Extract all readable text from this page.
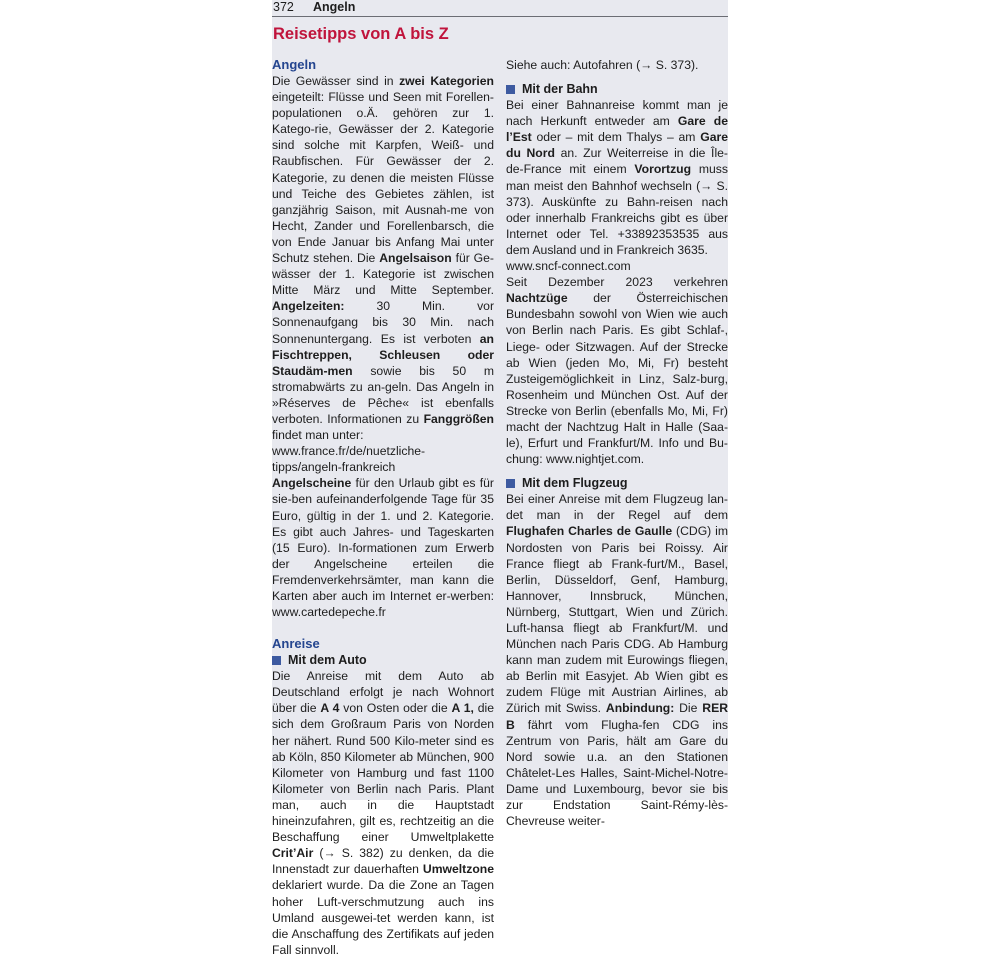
372 Angeln
Reisetipps von A bis Z
Angeln

Die Gewässer sind in zwei Kategorien eingeteilt: Flüsse und Seen mit Forellen-populationen o.Ä. gehören zur 1. Katego-rie, Gewässer der 2. Kategorie sind solche mit Karpfen, Weiß- und Raubfischen. Für Gewässer der 2. Kategorie, zu denen die meisten Flüsse und Teiche des Gebietes zählen, ist ganzjährig Saison, mit Ausnah-me von Hecht, Zander und Forellenbarsch, die von Ende Januar bis Anfang Mai unter Schutz stehen. Die Angelsaison für Ge-wässer der 1. Kategorie ist zwischen Mitte März und Mitte September. Angelzeiten: 30 Min. vor Sonnenaufgang bis 30 Min. nach Sonnenuntergang. Es ist verboten an Fischtreppen, Schleusen oder Staudäm-men sowie bis 50 m stromabwärts zu an-geln. Das Angeln in »Réserves de Pêche« ist ebenfalls verboten. Informationen zu Fanggrößen findet man unter:

www.france.fr/de/nuetzliche-tipps/angeln-frankreich

Angelscheine für den Urlaub gibt es für sie-ben aufeinanderfolgende Tage für 35 Euro, gültig in der 1. und 2. Kategorie. Es gibt auch Jahres- und Tageskarten (15 Euro). In-formationen zum Erwerb der Angelscheine erteilen die Fremdenverkehrsämter, man kann die Karten aber auch im Internet er-werben: www.cartedepeche.fr

Anreise
Mit dem Auto

Die Anreise mit dem Auto ab Deutschland erfolgt je nach Wohnort über die A 4 von Osten oder die A 1, die sich dem Großraum Paris von Norden her nähert. Rund 500 Kilo-meter sind es ab Köln, 850 Kilometer ab München, 900 Kilometer von Hamburg und fast 1100 Kilometer von Berlin nach Paris. Plant man, auch in die Hauptstadt hineinzufahren, gilt es, rechtzeitig an die Beschaffung einer Umweltplakette Crit’Air (→ S. 382) zu denken, da die Innenstadt zur dauerhaften Umweltzone deklariert wurde. Da die Zone an Tagen hoher Luft-verschmutzung auch ins Umland ausgewei-tet werden kann, ist die Anschaffung des Zertifikats auf jeden Fall sinnvoll.

Siehe auch: Autofahren (→ S. 373).

Mit der Bahn

Bei einer Bahnanreise kommt man je nach Herkunft entweder am Gare de l’Est oder – mit dem Thalys – am Gare du Nord an. Zur Weiterreise in die Île-de-France mit einem Vorortzug muss man meist den Bahnhof wechseln (→ S. 373). Auskünfte zu Bahn-reisen nach oder innerhalb Frankreichs gibt es über Internet oder Tel. +33892353535 aus dem Ausland und in Frankreich 3635.

www.sncf-connect.com

Seit Dezember 2023 verkehren Nachtzüge der Österreichischen Bundesbahn sowohl von Wien wie auch von Berlin nach Paris. Es gibt Schlaf-, Liege- oder Sitzwagen. Auf der Strecke ab Wien (jeden Mo, Mi, Fr) besteht Zusteigemöglichkeit in Linz, Salz-burg, Rosenheim und München Ost. Auf der Strecke von Berlin (ebenfalls Mo, Mi, Fr) macht der Nachtzug Halt in Halle (Saa-le), Erfurt und Frankfurt/M. Info und Bu-chung: www.nightjet.com.

Mit dem Flugzeug

Bei einer Anreise mit dem Flugzeug lan-det man in der Regel auf dem Flughafen Charles de Gaulle (CDG) im Nordosten von Paris bei Roissy. Air France fliegt ab Frank-furt/M., Basel, Berlin, Düsseldorf, Genf, Hamburg, Hannover, Innsbruck, München, Nürnberg, Stuttgart, Wien und Zürich. Luft-hansa fliegt ab Frankfurt/M. und München nach Paris CDG. Ab Hamburg kann man zudem mit Eurowings fliegen, ab Berlin mit Easyjet. Ab Wien gibt es zudem Flüge mit Austrian Airlines, ab Zürich mit Swiss. Anbindung: Die RER B fährt vom Flugha-fen CDG ins Zentrum von Paris, hält am Gare du Nord sowie u.a. an den Stationen Châtelet-Les Halles, Saint-Michel-Notre-Dame und Luxembourg, bevor sie bis zur Endstation Saint-Rémy-lès-Chevreuse weiter-
